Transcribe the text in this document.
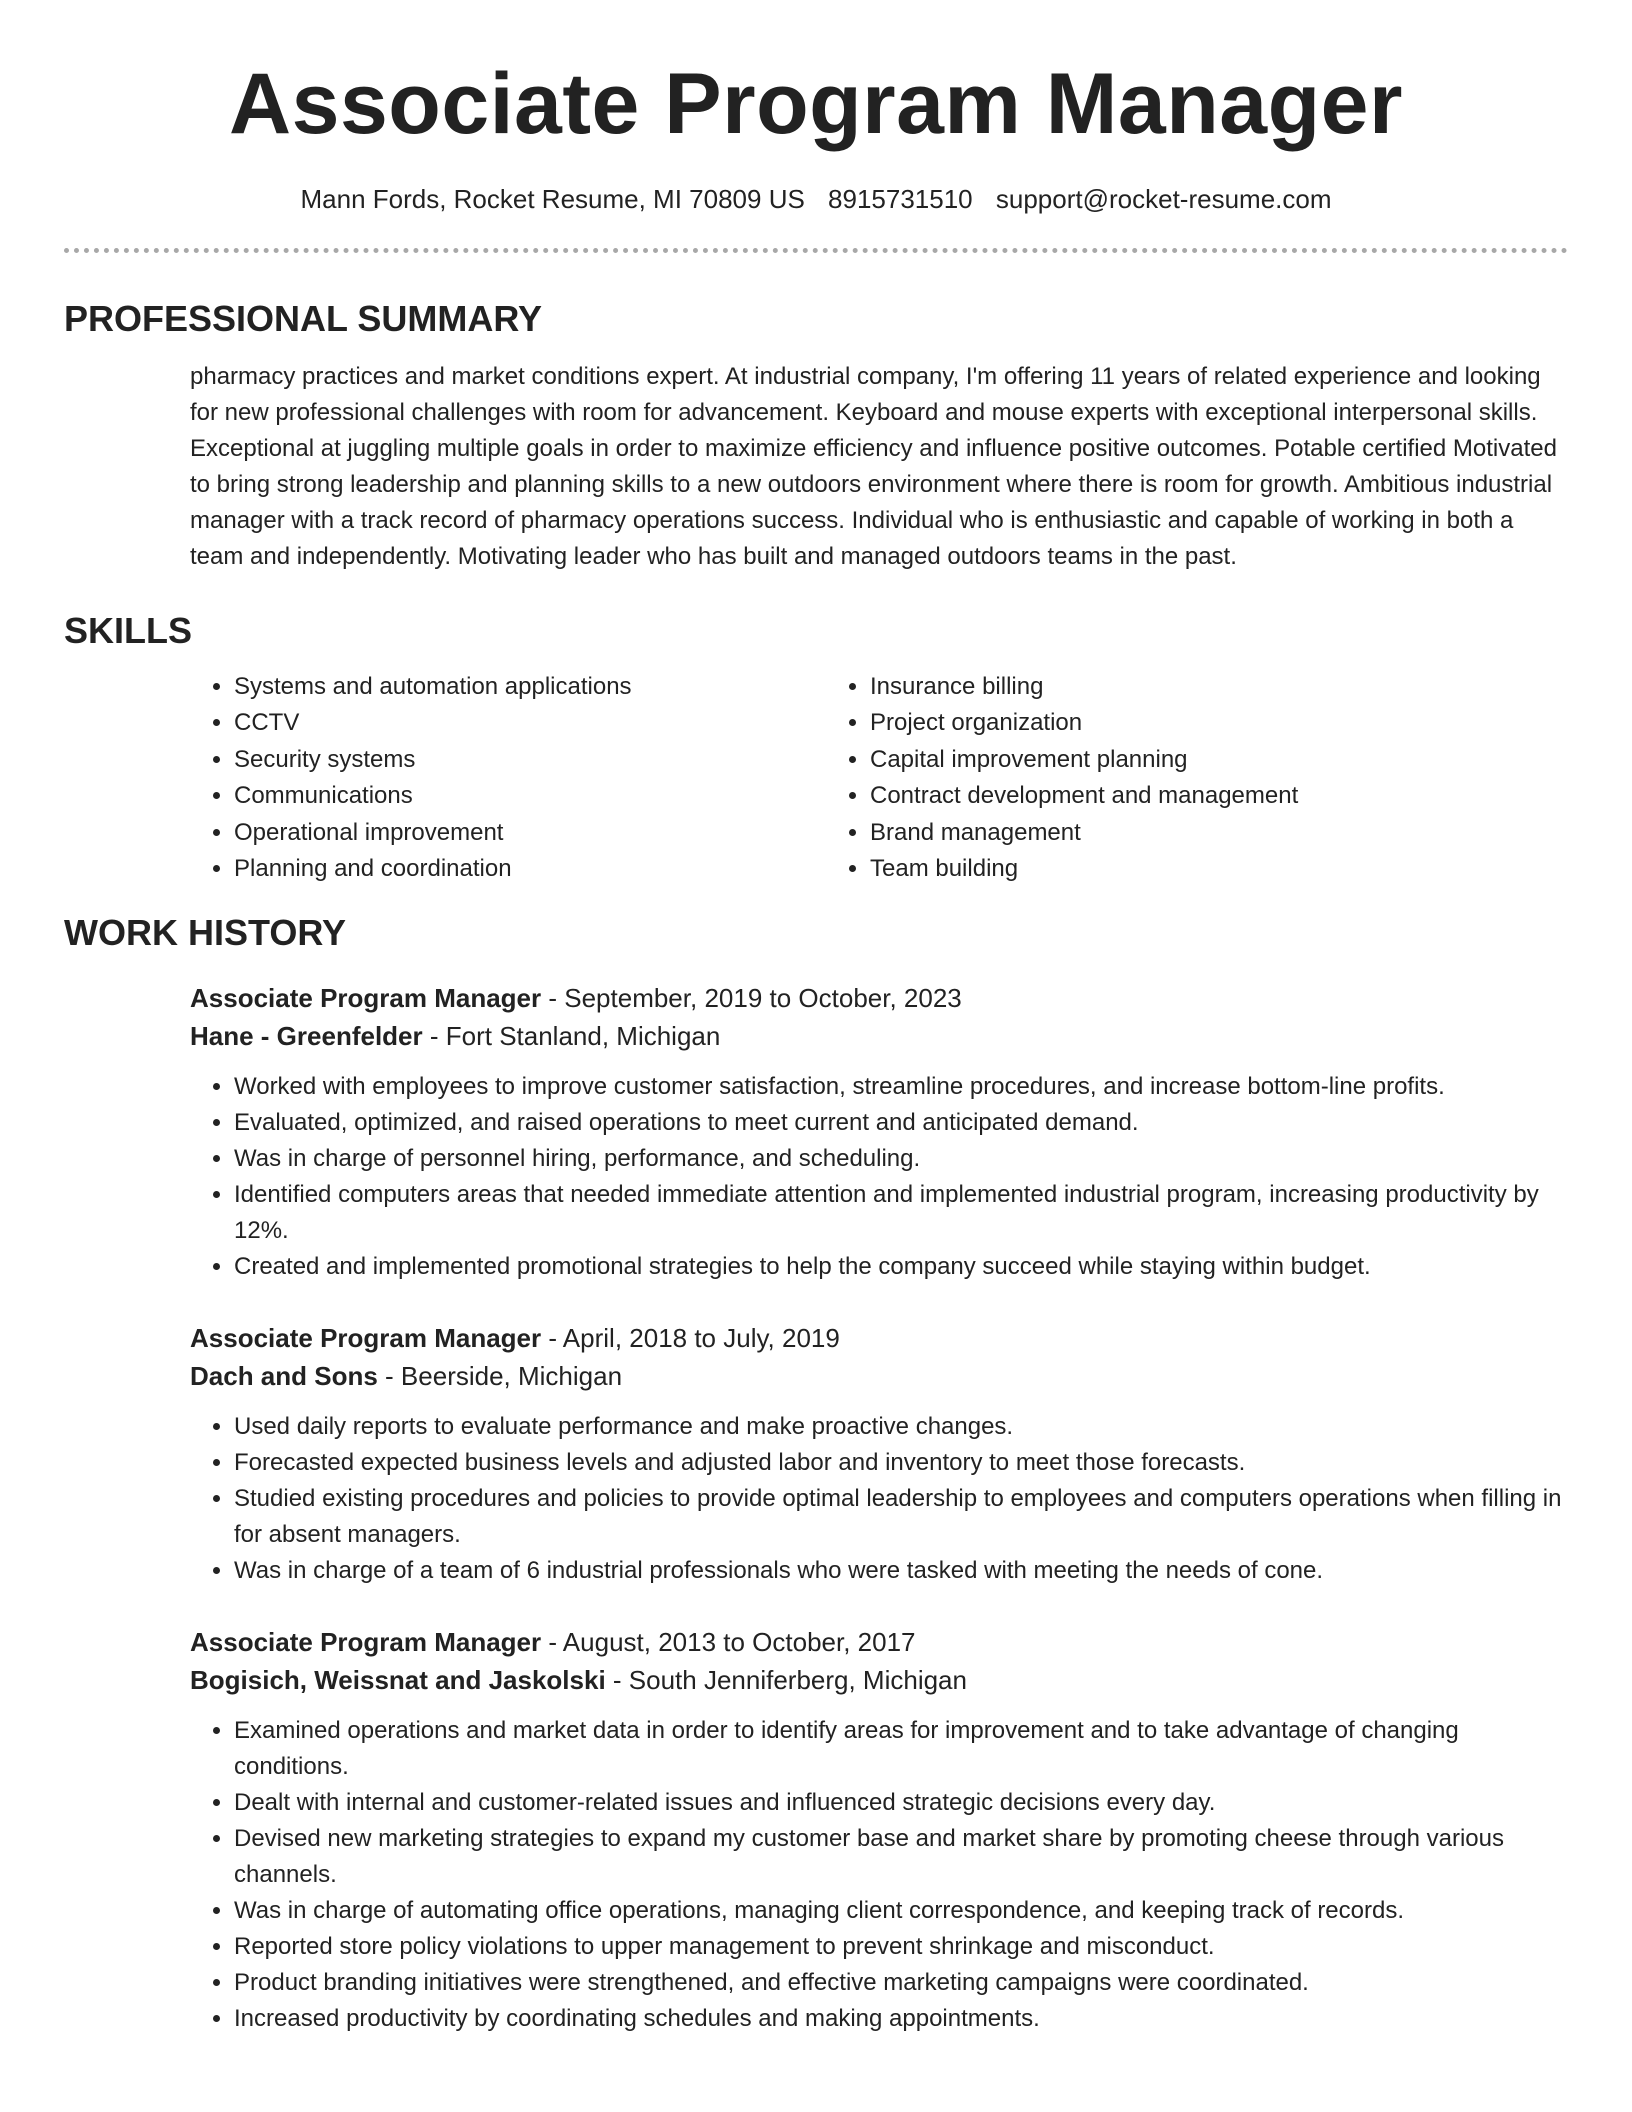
Associate Program Manager
Mann Fords, Rocket Resume, MI 70809 US 8915731510 support@rocket-resume.com
PROFESSIONAL SUMMARY

pharmacy practices and market conditions expert. At industrial company, I'm offering 11 years of related experience and looking for new professional challenges with room for advancement. Keyboard and mouse experts with exceptional interpersonal skills. Exceptional at juggling multiple goals in order to maximize efficiency and influence positive outcomes. Potable certified Motivated to bring strong leadership and planning skills to a new outdoors environment where there is room for growth. Ambitious industrial manager with a track record of pharmacy operations success. Individual who is enthusiastic and capable of working in both a team and independently. Motivating leader who has built and managed outdoors teams in the past.

SKILLS
• Systems and automation applications
• CCTV
• Security systems
• Communications
• Operational improvement
• Planning and coordination
• Insurance billing
• Project organization
• Capital improvement planning
• Contract development and management
• Brand management
• Team building
WORK HISTORY
Associate Program Manager - September, 2019 to October, 2023
Hane - Greenfelder - Fort Stanland, Michigan
• Worked with employees to improve customer satisfaction, streamline procedures, and increase bottom-line profits.
• Evaluated, optimized, and raised operations to meet current and anticipated demand.
• Was in charge of personnel hiring, performance, and scheduling.
• Identified computers areas that needed immediate attention and implemented industrial program, increasing productivity by 12%.
• Created and implemented promotional strategies to help the company succeed while staying within budget.
Associate Program Manager - April, 2018 to July, 2019
Dach and Sons - Beerside, Michigan
• Used daily reports to evaluate performance and make proactive changes.
• Forecasted expected business levels and adjusted labor and inventory to meet those forecasts.
• Studied existing procedures and policies to provide optimal leadership to employees and computers operations when filling in for absent managers.
• Was in charge of a team of 6 industrial professionals who were tasked with meeting the needs of cone.
Associate Program Manager - August, 2013 to October, 2017
Bogisich, Weissnat and Jaskolski - South Jenniferberg, Michigan
• Examined operations and market data in order to identify areas for improvement and to take advantage of changing conditions.
• Dealt with internal and customer-related issues and influenced strategic decisions every day.
• Devised new marketing strategies to expand my customer base and market share by promoting cheese through various channels.
• Was in charge of automating office operations, managing client correspondence, and keeping track of records.
• Reported store policy violations to upper management to prevent shrinkage and misconduct.
• Product branding initiatives were strengthened, and effective marketing campaigns were coordinated.
• Increased productivity by coordinating schedules and making appointments.
